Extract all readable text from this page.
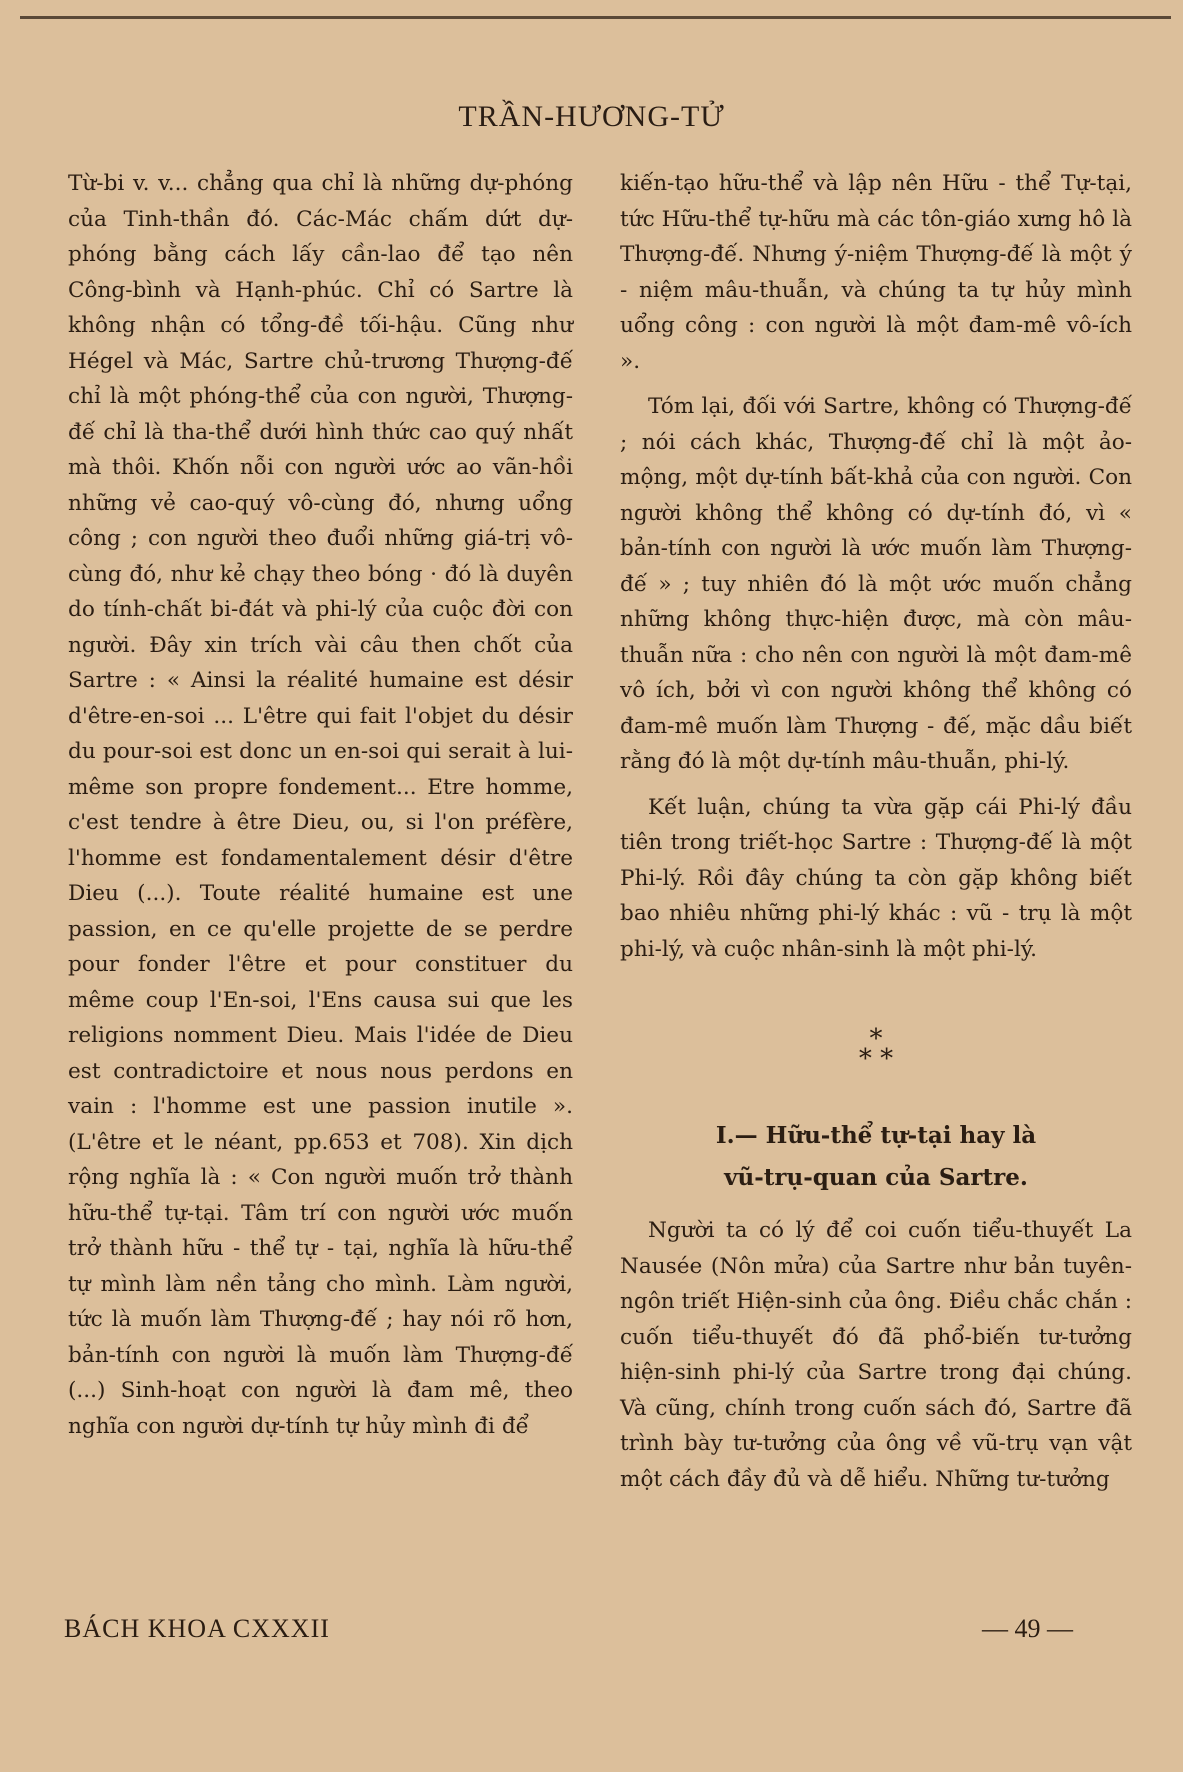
TRẦN-HƯƠNG-TỬ

Từ-bi v. v... chẳng qua chỉ là những dự-phóng của Tinh-thần đó. Các-Mác chấm dứt dự-phóng bằng cách lấy cần-lao để tạo nên Công-bình và Hạnh-phúc. Chỉ có Sartre là không nhận có tổng-đề tối-hậu. Cũng như Hégel và Mác, Sartre chủ-trương Thượng-đế chỉ là một phóng-thể của con người, Thượng-đế chỉ là tha-thể dưới hình thức cao quý nhất mà thôi. Khốn nỗi con người ước ao vãn-hồi những vẻ cao-quý vô-cùng đó, nhưng uổng công ; con người theo đuổi những giá-trị vô-cùng đó, như kẻ chạy theo bóng · đó là duyên do tính-chất bi-đát và phi-lý của cuộc đời con người. Đây xin trích vài câu then chốt của Sartre : « Ainsi la réalité humaine est désir d'être-en-soi ... L'être qui fait l'objet du désir du pour-soi est donc un en-soi qui serait à lui-même son propre fondement... Etre homme, c'est tendre à être Dieu, ou, si l'on préfère, l'homme est fondamentalement désir d'être Dieu (...). Toute réalité humaine est une passion, en ce qu'elle projette de se perdre pour fonder l'être et pour constituer du même coup l'En-soi, l'Ens causa sui que les religions nomment Dieu. Mais l'idée de Dieu est contradictoire et nous nous perdons en vain : l'homme est une passion inutile ». (L'être et le néant, pp.653 et 708). Xin dịch rộng nghĩa là : « Con người muốn trở thành hữu-thể tự-tại. Tâm trí con người ước muốn trở thành hữu - thể tự - tại, nghĩa là hữu-thể tự mình làm nền tảng cho mình. Làm người, tức là muốn làm Thượng-đế ; hay nói rõ hơn, bản-tính con người là muốn làm Thượng-đế (...) Sinh-hoạt con người là đam mê, theo nghĩa con người dự-tính tự hủy mình đi để

kiến-tạo hữu-thể và lập nên Hữu - thể Tự-tại, tức Hữu-thể tự-hữu mà các tôn-giáo xưng hô là Thượng-đế. Nhưng ý-niệm Thượng-đế là một ý - niệm mâu-thuẫn, và chúng ta tự hủy mình uổng công : con người là một đam-mê vô-ích ».

Tóm lại, đối với Sartre, không có Thượng-đế ; nói cách khác, Thượng-đế chỉ là một ảo-mộng, một dự-tính bất-khả của con người. Con người không thể không có dự-tính đó, vì « bản-tính con người là ước muốn làm Thượng-đế » ; tuy nhiên đó là một ước muốn chẳng những không thực-hiện được, mà còn mâu-thuẫn nữa : cho nên con người là một đam-mê vô ích, bởi vì con người không thể không có đam-mê muốn làm Thượng - đế, mặc dầu biết rằng đó là một dự-tính mâu-thuẫn, phi-lý.

Kết luận, chúng ta vừa gặp cái Phi-lý đầu tiên trong triết-học Sartre : Thượng-đế là một Phi-lý. Rồi đây chúng ta còn gặp không biết bao nhiêu những phi-lý khác : vũ - trụ là một phi-lý, và cuộc nhân-sinh là một phi-lý.

*
* *
I.— Hữu-thể tự-tại hay là
vũ-trụ-quan của Sartre.

Người ta có lý để coi cuốn tiểu-thuyết La Nausée (Nôn mửa) của Sartre như bản tuyên-ngôn triết Hiện-sinh của ông. Điều chắc chắn : cuốn tiểu-thuyết đó đã phổ-biến tư-tưởng hiện-sinh phi-lý của Sartre trong đại chúng. Và cũng, chính trong cuốn sách đó, Sartre đã trình bày tư-tưởng của ông về vũ-trụ vạn vật một cách đầy đủ và dễ hiểu. Những tư-tưởng

BÁCH KHOA CXXXII	— 49 —
